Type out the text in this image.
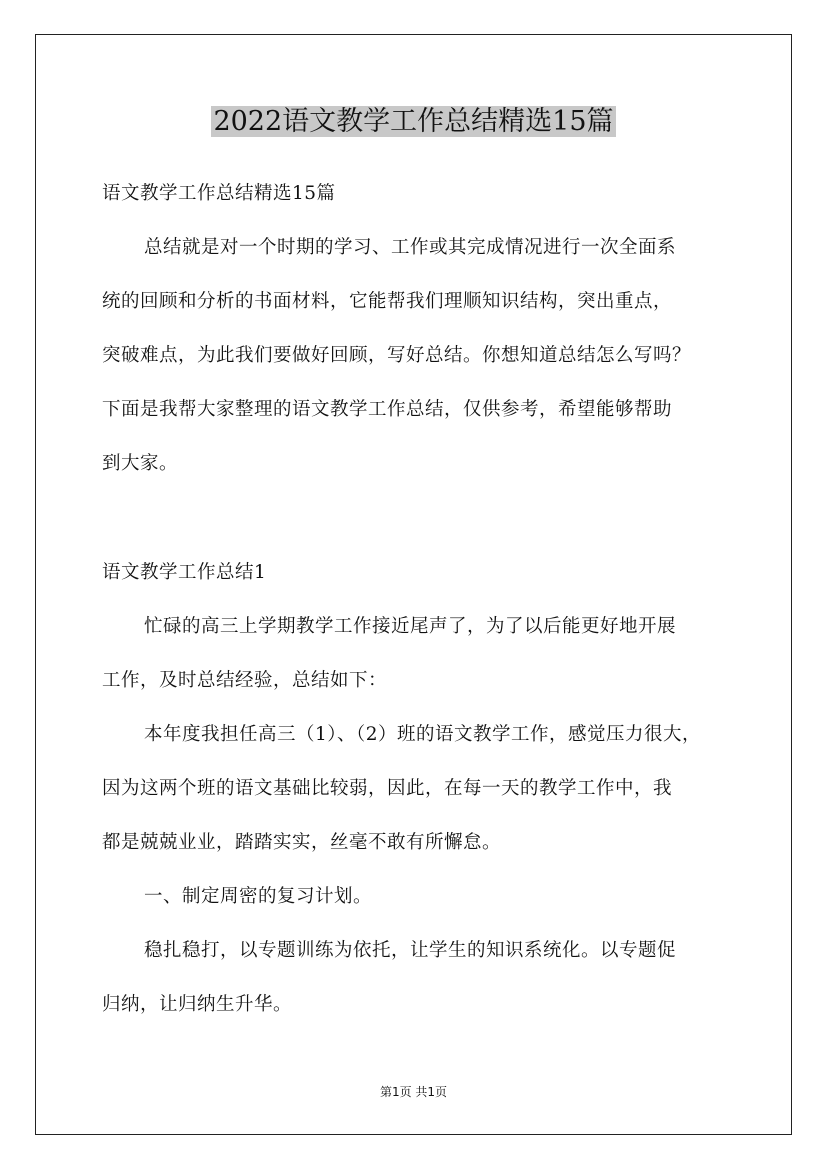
2022语文教学工作总结精选15篇
语文教学工作总结精选15篇
总结就是对一个时期的学习、工作或其完成情况进行一次全面系
统的回顾和分析的书面材料，它能帮我们理顺知识结构，突出重点，
突破难点，为此我们要做好回顾，写好总结。你想知道总结怎么写吗？
下面是我帮大家整理的语文教学工作总结，仅供参考，希望能够帮助
到大家。
语文教学工作总结1
忙碌的高三上学期教学工作接近尾声了，为了以后能更好地开展
工作，及时总结经验，总结如下：
本年度我担任高三（1）、（2）班的语文教学工作，感觉压力很大，
因为这两个班的语文基础比较弱，因此，在每一天的教学工作中，我
都是兢兢业业，踏踏实实，丝毫不敢有所懈怠。
一、制定周密的复习计划。
稳扎稳打，以专题训练为依托，让学生的知识系统化。以专题促
归纳，让归纳生升华。
第1页 共1页
